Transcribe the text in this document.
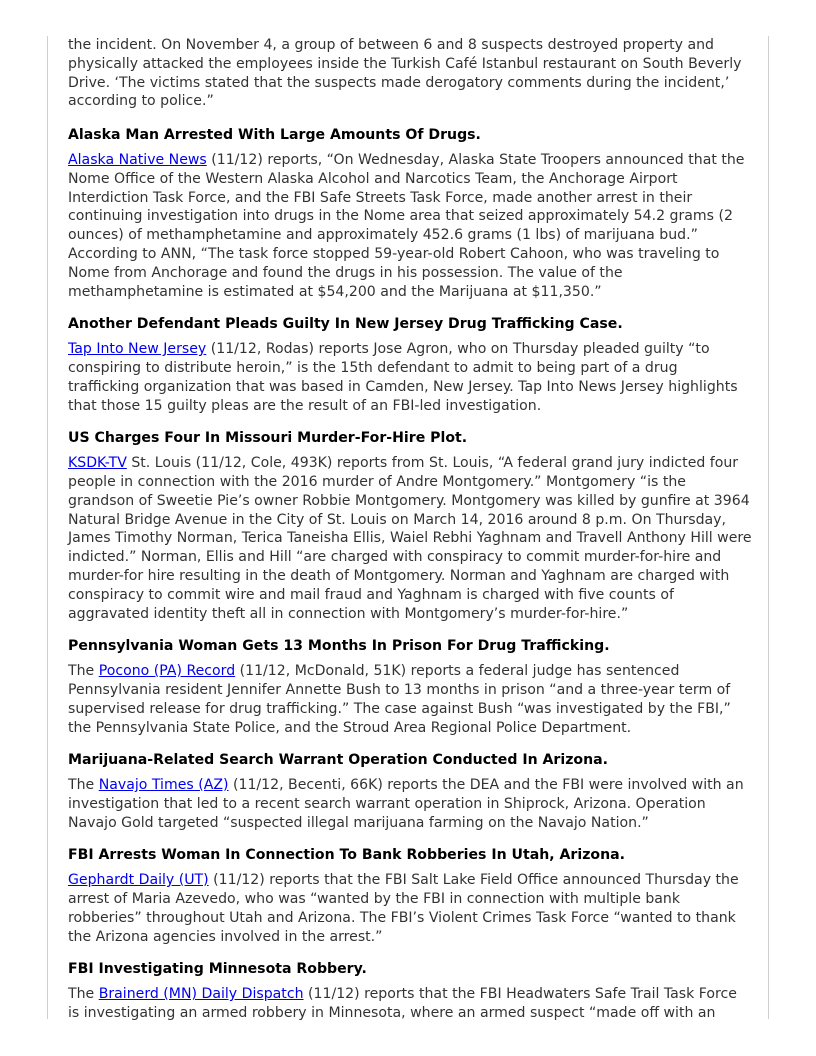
the incident. On November 4, a group of between 6 and 8 suspects destroyed property and physically attacked the employees inside the Turkish Café Istanbul restaurant on South Beverly Drive. ‘The victims stated that the suspects made derogatory comments during the incident,’ according to police.”

Alaska Man Arrested With Large Amounts Of Drugs.

Alaska Native News (11/12) reports, “On Wednesday, Alaska State Troopers announced that the Nome Office of the Western Alaska Alcohol and Narcotics Team, the Anchorage Airport Interdiction Task Force, and the FBI Safe Streets Task Force, made another arrest in their continuing investigation into drugs in the Nome area that seized approximately 54.2 grams (2 ounces) of methamphetamine and approximately 452.6 grams (1 lbs) of marijuana bud.” According to ANN, “The task force stopped 59-year-old Robert Cahoon, who was traveling to Nome from Anchorage and found the drugs in his possession. The value of the methamphetamine is estimated at $54,200 and the Marijuana at $11,350.”

Another Defendant Pleads Guilty In New Jersey Drug Trafficking Case.

Tap Into New Jersey (11/12, Rodas) reports Jose Agron, who on Thursday pleaded guilty “to conspiring to distribute heroin,” is the 15th defendant to admit to being part of a drug trafficking organization that was based in Camden, New Jersey. Tap Into News Jersey highlights that those 15 guilty pleas are the result of an FBI-led investigation.

US Charges Four In Missouri Murder-For-Hire Plot.

KSDK-TV St. Louis (11/12, Cole, 493K) reports from St. Louis, “A federal grand jury indicted four people in connection with the 2016 murder of Andre Montgomery.” Montgomery “is the grandson of Sweetie Pie’s owner Robbie Montgomery. Montgomery was killed by gunfire at 3964 Natural Bridge Avenue in the City of St. Louis on March 14, 2016 around 8 p.m. On Thursday, James Timothy Norman, Terica Taneisha Ellis, Waiel Rebhi Yaghnam and Travell Anthony Hill were indicted.” Norman, Ellis and Hill “are charged with conspiracy to commit murder-for-hire and murder-for hire resulting in the death of Montgomery. Norman and Yaghnam are charged with conspiracy to commit wire and mail fraud and Yaghnam is charged with five counts of aggravated identity theft all in connection with Montgomery’s murder-for-hire.”

Pennsylvania Woman Gets 13 Months In Prison For Drug Trafficking.

The Pocono (PA) Record (11/12, McDonald, 51K) reports a federal judge has sentenced Pennsylvania resident Jennifer Annette Bush to 13 months in prison “and a three-year term of supervised release for drug trafficking.” The case against Bush “was investigated by the FBI,” the Pennsylvania State Police, and the Stroud Area Regional Police Department.

Marijuana-Related Search Warrant Operation Conducted In Arizona.

The Navajo Times (AZ) (11/12, Becenti, 66K) reports the DEA and the FBI were involved with an investigation that led to a recent search warrant operation in Shiprock, Arizona. Operation Navajo Gold targeted “suspected illegal marijuana farming on the Navajo Nation.”

FBI Arrests Woman In Connection To Bank Robberies In Utah, Arizona.

Gephardt Daily (UT) (11/12) reports that the FBI Salt Lake Field Office announced Thursday the arrest of Maria Azevedo, who was “wanted by the FBI in connection with multiple bank robberies” throughout Utah and Arizona. The FBI’s Violent Crimes Task Force “wanted to thank the Arizona agencies involved in the arrest.”

FBI Investigating Minnesota Robbery.

The Brainerd (MN) Daily Dispatch (11/12) reports that the FBI Headwaters Safe Trail Task Force is investigating an armed robbery in Minnesota, where an armed suspect “made off with an
